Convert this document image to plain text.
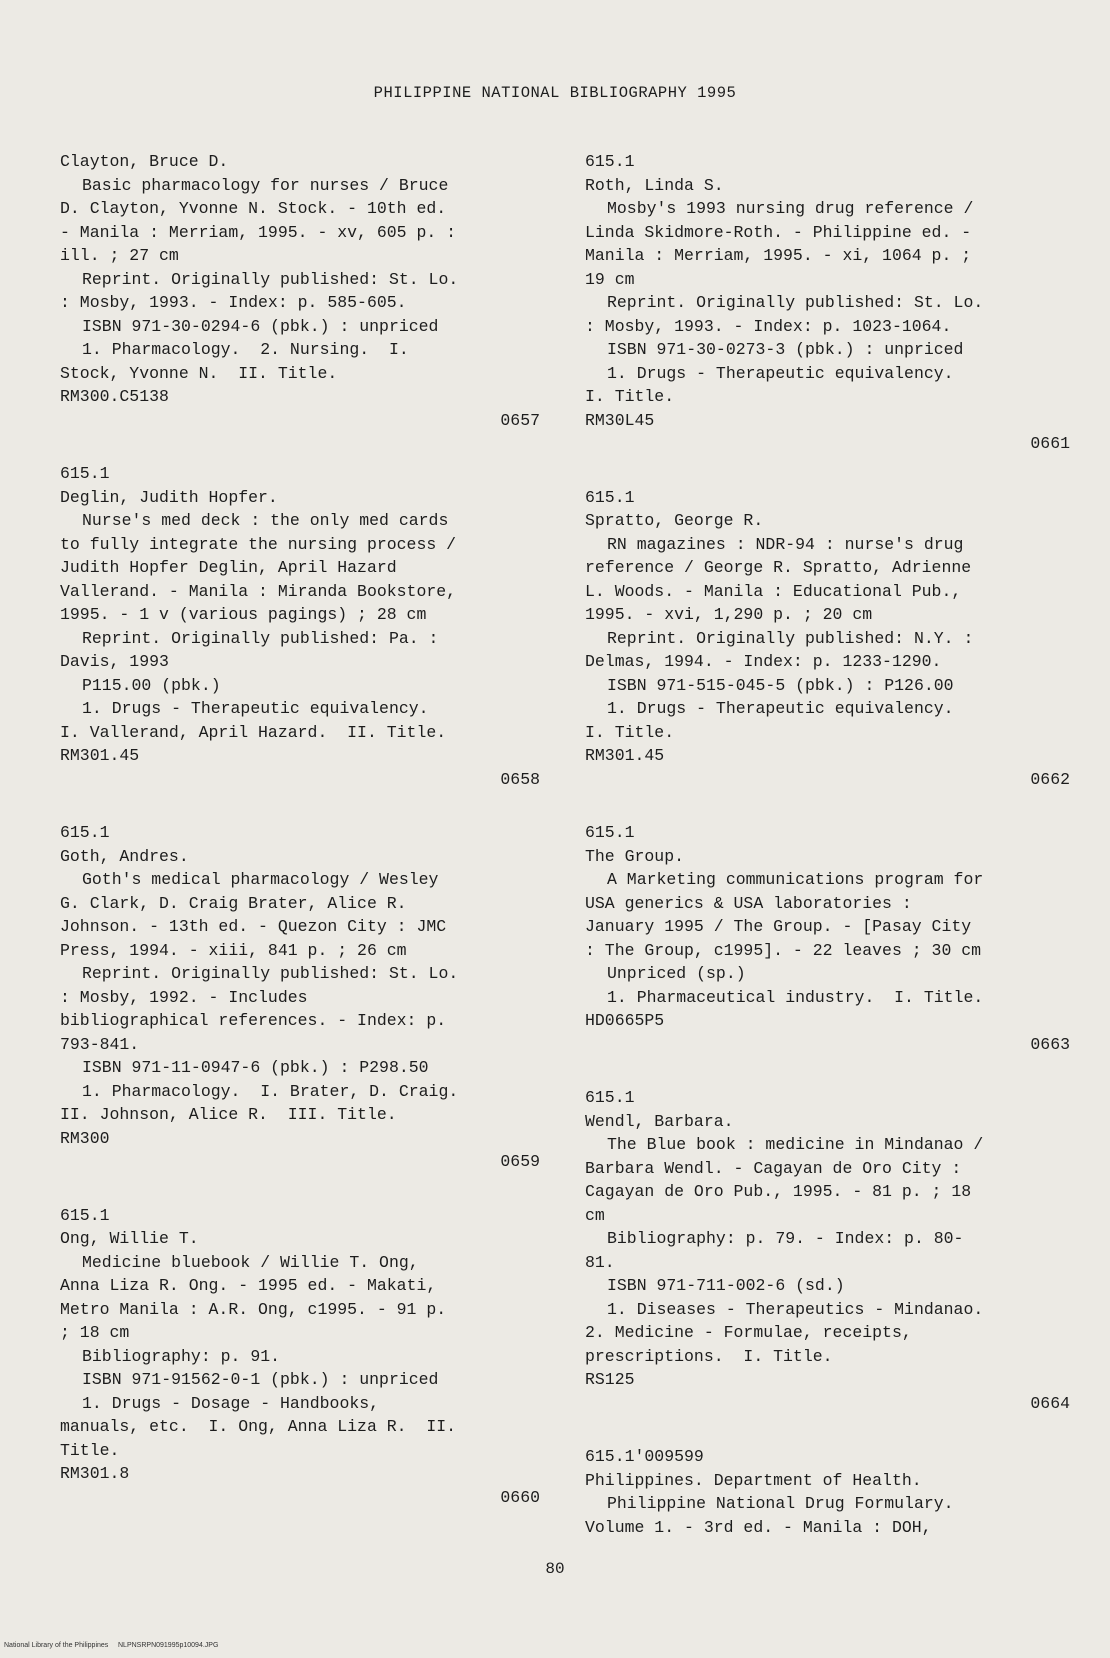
PHILIPPINE NATIONAL BIBLIOGRAPHY 1995
Clayton, Bruce D.
Basic pharmacology for nurses / Bruce
D. Clayton, Yvonne N. Stock. - 10th ed.
- Manila : Merriam, 1995. - xv, 605 p. :
ill. ; 27 cm
Reprint. Originally published: St. Lo.
: Mosby, 1993. - Index: p. 585-605.
ISBN 971-30-0294-6 (pbk.) : unpriced
1. Pharmacology.  2. Nursing.  I.
Stock, Yvonne N.  II. Title.
RM300.C5138
0657
615.1
Deglin, Judith Hopfer.
Nurse's med deck : the only med cards
to fully integrate the nursing process /
Judith Hopfer Deglin, April Hazard
Vallerand. - Manila : Miranda Bookstore,
1995. - 1 v (various pagings) ; 28 cm
Reprint. Originally published: Pa. :
Davis, 1993
P115.00 (pbk.)
1. Drugs - Therapeutic equivalency.
I. Vallerand, April Hazard.  II. Title.
RM301.45
0658
615.1
Goth, Andres.
Goth's medical pharmacology / Wesley
G. Clark, D. Craig Brater, Alice R.
Johnson. - 13th ed. - Quezon City : JMC
Press, 1994. - xiii, 841 p. ; 26 cm
Reprint. Originally published: St. Lo.
: Mosby, 1992. - Includes
bibliographical references. - Index: p.
793-841.
ISBN 971-11-0947-6 (pbk.) : P298.50
1. Pharmacology.  I. Brater, D. Craig.
II. Johnson, Alice R.  III. Title.
RM300
0659
615.1
Ong, Willie T.
Medicine bluebook / Willie T. Ong,
Anna Liza R. Ong. - 1995 ed. - Makati,
Metro Manila : A.R. Ong, c1995. - 91 p.
; 18 cm
Bibliography: p. 91.
ISBN 971-91562-0-1 (pbk.) : unpriced
1. Drugs - Dosage - Handbooks,
manuals, etc.  I. Ong, Anna Liza R.  II.
Title.
RM301.8
0660
615.1
Roth, Linda S.
Mosby's 1993 nursing drug reference /
Linda Skidmore-Roth. - Philippine ed. -
Manila : Merriam, 1995. - xi, 1064 p. ;
19 cm
Reprint. Originally published: St. Lo.
: Mosby, 1993. - Index: p. 1023-1064.
ISBN 971-30-0273-3 (pbk.) : unpriced
1. Drugs - Therapeutic equivalency.
I. Title.
RM30L45
0661
615.1
Spratto, George R.
RN magazines : NDR-94 : nurse's drug
reference / George R. Spratto, Adrienne
L. Woods. - Manila : Educational Pub.,
1995. - xvi, 1,290 p. ; 20 cm
Reprint. Originally published: N.Y. :
Delmas, 1994. - Index: p. 1233-1290.
ISBN 971-515-045-5 (pbk.) : P126.00
1. Drugs - Therapeutic equivalency.
I. Title.
RM301.45
0662
615.1
The Group.
A Marketing communications program for
USA generics & USA laboratories :
January 1995 / The Group. - [Pasay City
: The Group, c1995]. - 22 leaves ; 30 cm
Unpriced (sp.)
1. Pharmaceutical industry.  I. Title.
HD0665P5
0663
615.1
Wendl, Barbara.
The Blue book : medicine in Mindanao /
Barbara Wendl. - Cagayan de Oro City :
Cagayan de Oro Pub., 1995. - 81 p. ; 18
cm
Bibliography: p. 79. - Index: p. 80-
81.
ISBN 971-711-002-6 (sd.)
1. Diseases - Therapeutics - Mindanao.
2. Medicine - Formulae, receipts,
prescriptions.  I. Title.
RS125
0664
615.1'009599
Philippines. Department of Health.
Philippine National Drug Formulary.
Volume 1. - 3rd ed. - Manila : DOH,
80
National Library of the Philippines     NLPNSRPN091995p10094.JPG
